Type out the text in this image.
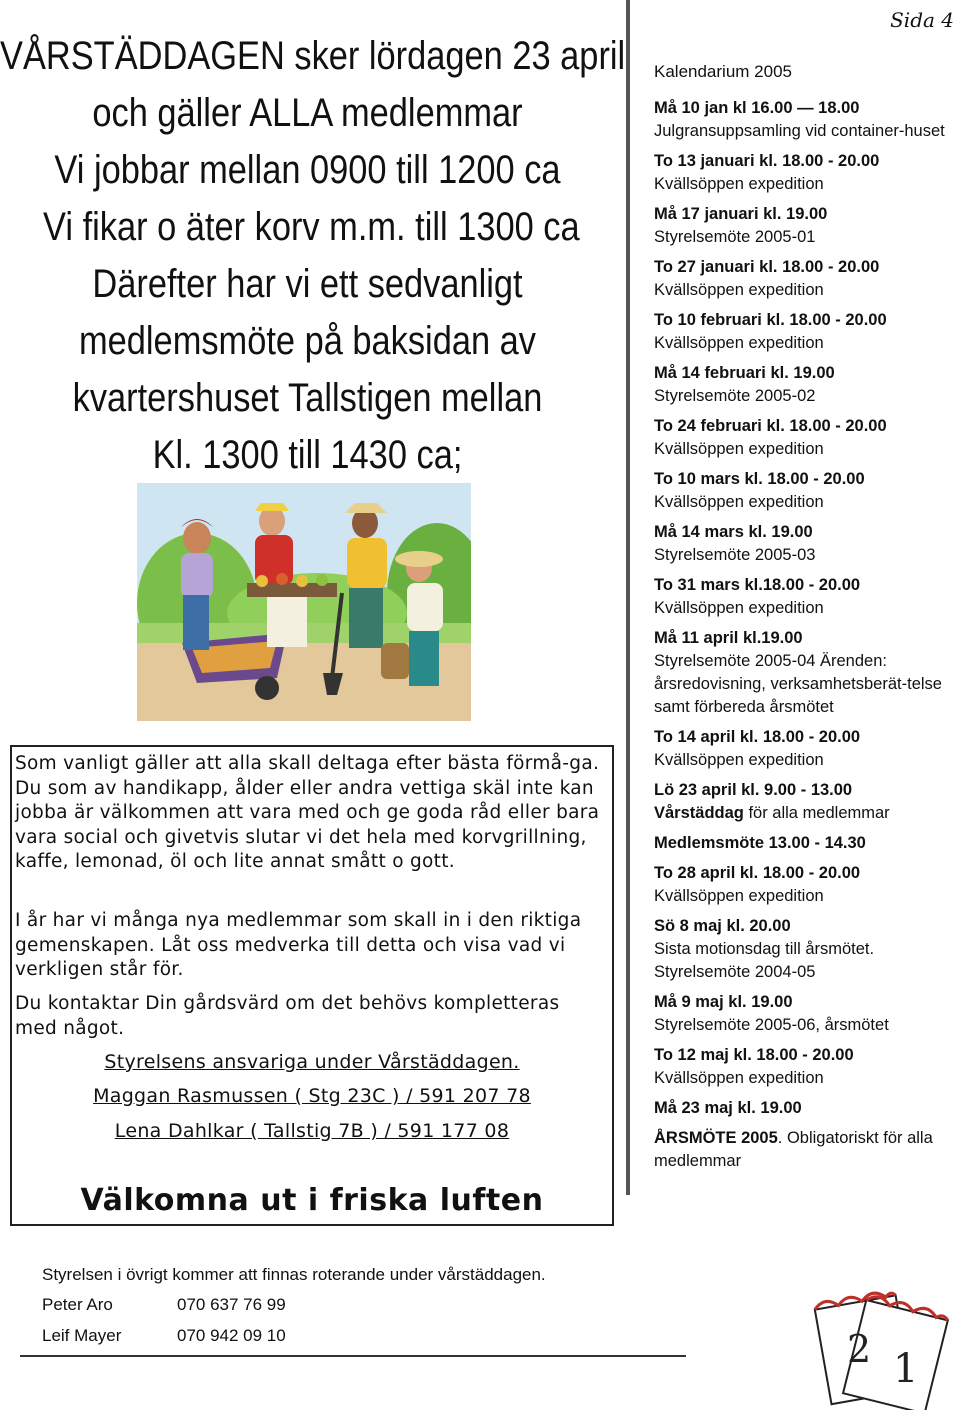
Sida 4
VÅRSTÄDDAGEN sker lördagen 23 april
och gäller ALLA medlemmar
Vi jobbar mellan 0900 till 1200 ca
Vi fikar o äter korv m.m. till 1300 ca
Därefter har vi ett sedvanligt
medlemsmöte på baksidan av
kvartershuset Tallstigen mellan
Kl. 1300 till 1430 ca;
Som vanligt gäller att alla skall deltaga efter bästa förmå-ga. Du som av handikapp, ålder eller andra vettiga skäl inte kan jobba är välkommen att vara med och ge goda råd eller bara vara social och givetvis slutar vi det hela med korvgrillning, kaffe, lemonad, öl och lite annat smått o gott.
I år har vi många nya medlemmar som skall in i den riktiga gemenskapen. Låt oss medverka till detta och visa vad vi verkligen står för.
Du kontaktar Din gårdsvärd om det behövs kompletteras med något.
Styrelsens ansvariga under Vårstäddagen.
Maggan Rasmussen ( Stg 23C ) / 591 207 78
Lena Dahlkar ( Tallstig 7B ) / 591 177 08
Välkomna ut i friska luften
Styrelsen i övrigt kommer att finnas roterande under vårstäddagen.
Peter Aro	070 637 76 99
Leif Mayer	070 942 09 10
Kalendarium 2005
Må 10 jan kl 16.00 — 18.00
Julgransuppsamling vid container-huset
To 13 januari kl. 18.00 - 20.00
Kvällsöppen expedition
Må 17 januari kl. 19.00
Styrelsemöte 2005-01
To 27 januari kl. 18.00 - 20.00
Kvällsöppen expedition
To 10 februari kl. 18.00 - 20.00
Kvällsöppen expedition
Må 14 februari kl. 19.00
Styrelsemöte 2005-02
To 24 februari kl. 18.00 - 20.00
Kvällsöppen expedition
To 10 mars kl. 18.00 - 20.00
Kvällsöppen expedition
Må 14 mars kl. 19.00
Styrelsemöte 2005-03
To 31 mars kl.18.00 - 20.00
Kvällsöppen expedition
Må 11 april kl.19.00
Styrelsemöte 2005-04 Ärenden: årsredovisning, verksamhetsberät-telse samt förbereda årsmötet
To 14 april kl. 18.00 - 20.00
Kvällsöppen expedition
Lö 23 april kl. 9.00 - 13.00
Vårstäddag för alla medlemmar
Medlemsmöte 13.00 - 14.30
To 28 april kl. 18.00 - 20.00
Kvällsöppen expedition
Sö 8 maj kl. 20.00
Sista motionsdag till årsmötet. Styrelsemöte 2004-05
Må 9 maj kl. 19.00
Styrelsemöte 2005-06, årsmötet
To 12 maj kl. 18.00 - 20.00
Kvällsöppen expedition
Må 23 maj kl. 19.00
ÅRSMÖTE 2005. Obligatoriskt för alla medlemmar
2 1
